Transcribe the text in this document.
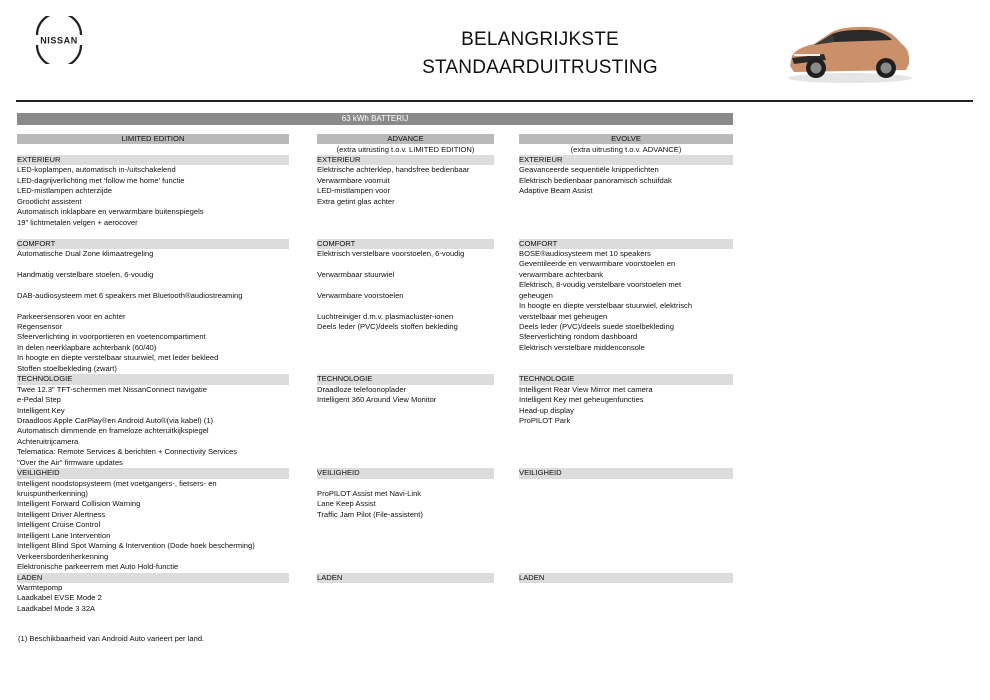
NISSAN	BELANGRIJKSTE
STANDAARDUITRUSTING
63 kWh BATTERIJ
LIMITED EDITION
EXTERIEUR
LED-koplampen, automatisch in-/uitschakelend
LED-dagrijverlichting met 'follow me home' functie
LED-mistlampen achterzijde
Grootlicht assistent
Automatisch inklapbare en verwarmbare buitenspiegels
19" lichtmetalen velgen + aerocover
COMFORT
Automatische Dual Zone klimaatregeling
Handmatig verstelbare stoelen, 6-voudig
DAB-audiosysteem met 6 speakers met Bluetooth®audiostreaming
Parkeersensoren voor en achter
Regensensor
Sfeerverlichting in voorportieren en voetencompartiment
In delen neerklapbare achterbank (60/40)
In hoogte en diepte verstelbaar stuurwiel, met leder bekleed
Stoffen stoelbekleding (zwart)
TECHNOLOGIE
Twee 12.3" TFT-schermen met NissanConnect navigatie
e-Pedal Step
Intelligent Key
Draadloos Apple CarPlay®en Android Auto®(via kabel) (1)
Automatisch dimmende en frameloze achteruitkijkspiegel
Achteruitrijcamera
Telematica: Remote Services & berichten + Connectivity Services
"Over the Air" firmware updates
VEILIGHEID
Intelligent noodstopsysteem (met voetgangers-, fietsers- en
kruispuntherkenning)
Intelligent Forward Collision Warning
Intelligent Driver Alertness
Intelligent Cruise Control
Intelligent Lane Intervention
Intelligent Blind Spot Warning & Intervention (Dode hoek bescherming)
Verkeersbordenherkenning
Elektronische parkeerrem met Auto Hold-functie
LADEN
Warmtepomp
Laadkabel EVSE Mode 2
Laadkabel Mode 3 32A
ADVANCE
(extra uitrusting t.o.v. LIMITED EDITION)
EXTERIEUR
Elektrische achterklep, handsfree bedienbaar
Verwarmbare voorruit
LED-mistlampen voor
Extra getint glas achter
COMFORT
Elektrisch verstelbare voorstoelen, 6-voudig
Verwarmbaar stuurwiel
Verwarmbare voorstoelen
Luchtreiniger d.m.v. plasmacluster-ionen
Deels leder (PVC)/deels stoffen bekleding
TECHNOLOGIE
Draadloze telefoonoplader
Intelligent 360 Around View Monitor
VEILIGHEID
ProPILOT Assist met Navi-Link
Lane Keep Assist
Traffic Jam Pilot (File-assistent)
LADEN
EVOLVE
(extra uitrusting t.o.v. ADVANCE)
EXTERIEUR
Geavanceerde sequentiële knipperlichten
Elektrisch bedienbaar panoramisch schuifdak
Adaptive Beam Assist
COMFORT
BOSE®audiosysteem met 10 speakers
Geventileerde en verwarmbare voorstoelen en
verwarmbare achterbank
Elektrisch, 8-voudig verstelbare voorstoelen met
geheugen
In hoogte en diepte verstelbaar stuurwiel, elektrisch
verstelbaar met geheugen
Deels leder (PVC)/deels suede stoelbekleding
Sfeerverlichting rondom dashboard
Elektrisch verstelbare middenconsole
TECHNOLOGIE
Intelligent Rear View Mirror met camera
Intelligent Key met geheugenfuncties
Head-up display
ProPILOT Park
VEILIGHEID
LADEN
(1) Beschikbaarheid van Android Auto varieert per land.
